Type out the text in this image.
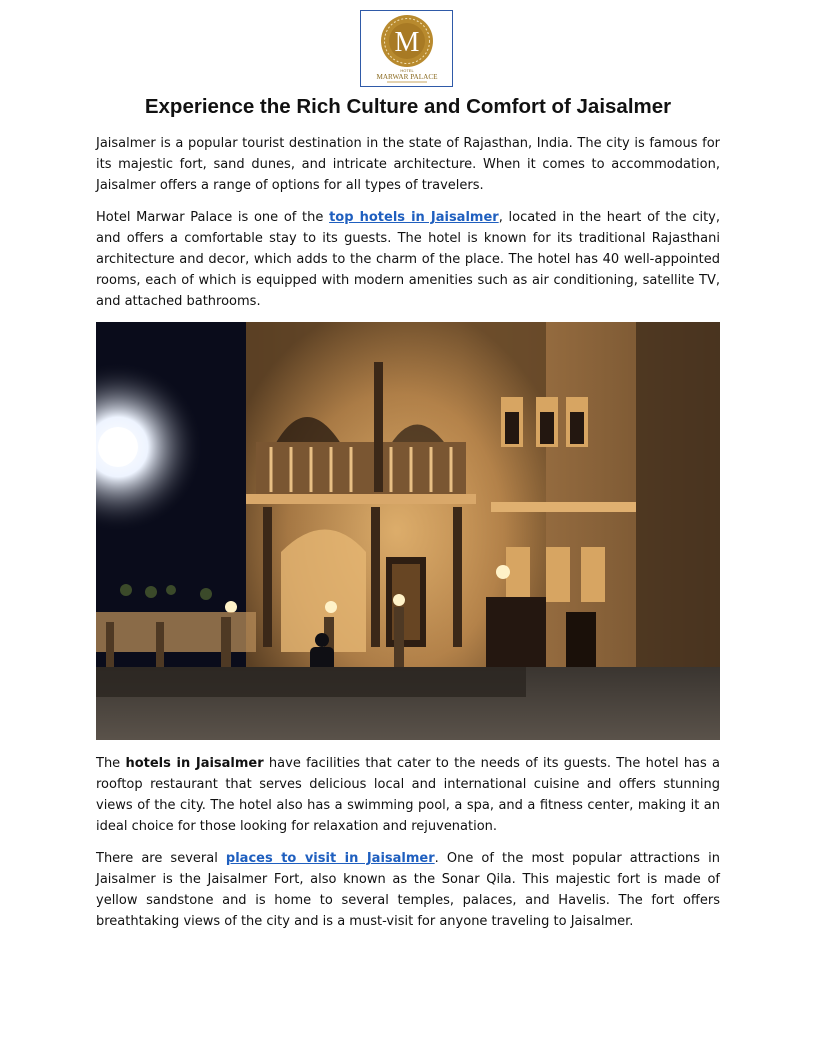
M
HOTEL
MARWAR PALACE
Experience the Rich Culture and Comfort of Jaisalmer

Jaisalmer is a popular tourist destination in the state of Rajasthan, India. The city is famous for its majestic fort, sand dunes, and intricate architecture. When it comes to accommodation, Jaisalmer offers a range of options for all types of travelers.

Hotel Marwar Palace is one of the top hotels in Jaisalmer, located in the heart of the city, and offers a comfortable stay to its guests. The hotel is known for its traditional Rajasthani architecture and decor, which adds to the charm of the place. The hotel has 40 well-appointed rooms, each of which is equipped with modern amenities such as air conditioning, satellite TV, and attached bathrooms.

The hotels in Jaisalmer have facilities that cater to the needs of its guests. The hotel has a rooftop restaurant that serves delicious local and international cuisine and offers stunning views of the city. The hotel also has a swimming pool, a spa, and a fitness center, making it an ideal choice for those looking for relaxation and rejuvenation.

There are several places to visit in Jaisalmer. One of the most popular attractions in Jaisalmer is the Jaisalmer Fort, also known as the Sonar Qila. This majestic fort is made of yellow sandstone and is home to several temples, palaces, and Havelis. The fort offers breathtaking views of the city and is a must-visit for anyone traveling to Jaisalmer.
